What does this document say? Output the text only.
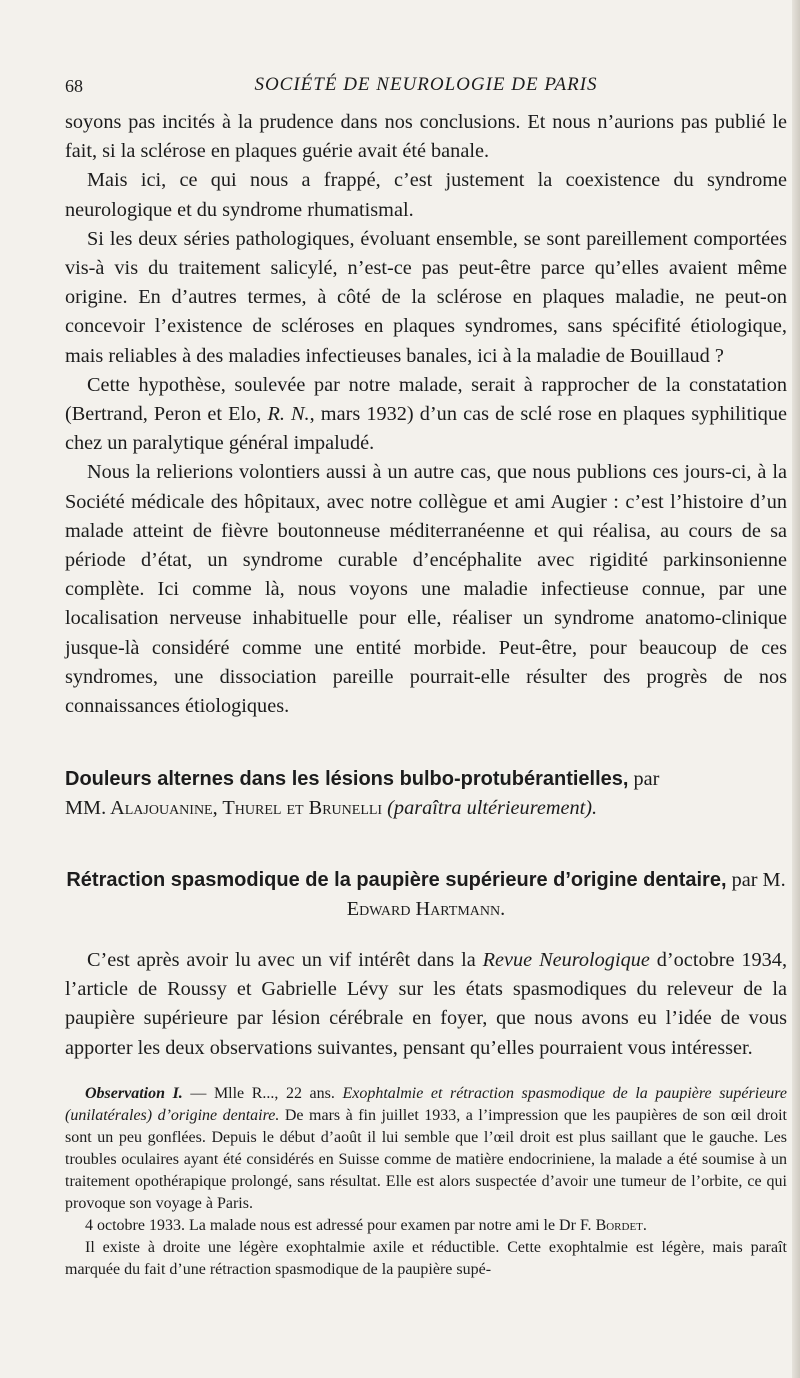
68	SOCIÉTÉ DE NEUROLOGIE DE PARIS

soyons pas incités à la prudence dans nos conclusions. Et nous n’aurions pas publié le fait, si la sclérose en plaques guérie avait été banale.

Mais ici, ce qui nous a frappé, c’est justement la coexistence du syndrome neurologique et du syndrome rhumatismal.

Si les deux séries pathologiques, évoluant ensemble, se sont pareillement comportées vis-à vis du traitement salicylé, n’est-ce pas peut-être parce qu’elles avaient même origine. En d’autres termes, à côté de la sclérose en plaques maladie, ne peut-on concevoir l’existence de scléroses en plaques syndromes, sans spécifité étiologique, mais reliables à des maladies infectieuses banales, ici à la maladie de Bouillaud ?

Cette hypothèse, soulevée par notre malade, serait à rapprocher de la constatation (Bertrand, Peron et Elo, R. N., mars 1932) d’un cas de sclé rose en plaques syphilitique chez un paralytique général impaludé.

Nous la relierions volontiers aussi à un autre cas, que nous publions ces jours-ci, à la Société médicale des hôpitaux, avec notre collègue et ami Augier : c’est l’histoire d’un malade atteint de fièvre boutonneuse méditerranéenne et qui réalisa, au cours de sa période d’état, un syndrome curable d’encéphalite avec rigidité parkinsonienne complète. Ici comme là, nous voyons une maladie infectieuse connue, par une localisation nerveuse inhabituelle pour elle, réaliser un syndrome anatomo-clinique jusque-là considéré comme une entité morbide. Peut-être, pour beaucoup de ces syndromes, une dissociation pareille pourrait-elle résulter des progrès de nos connaissances étiologiques.

Douleurs alternes dans les lésions bulbo-protubérantielles, par
MM. Alajouanine, Thurel et Brunelli (paraîtra ultérieurement).

Rétraction spasmodique de la paupière supérieure d’origine dentaire, par M. Edward Hartmann.

C’est après avoir lu avec un vif intérêt dans la Revue Neurologique d’octobre 1934, l’article de Roussy et Gabrielle Lévy sur les états spasmodiques du releveur de la paupière supérieure par lésion cérébrale en foyer, que nous avons eu l’idée de vous apporter les deux observations suivantes, pensant qu’elles pourraient vous intéresser.

Observation I. — Mlle R..., 22 ans. Exophtalmie et rétraction spasmodique de la paupière supérieure (unilatérales) d’origine dentaire. De mars à fin juillet 1933, a l’impression que les paupières de son œil droit sont un peu gonflées. Depuis le début d’août il lui semble que l’œil droit est plus saillant que le gauche. Les troubles oculaires ayant été considérés en Suisse comme de matière endocriniene, la malade a été soumise à un traitement opothérapique prolongé, sans résultat. Elle est alors suspectée d’avoir une tumeur de l’orbite, ce qui provoque son voyage à Paris.

4 octobre 1933. La malade nous est adressé pour examen par notre ami le Dr F. Bordet.

Il existe à droite une légère exophtalmie axile et réductible. Cette exophtalmie est légère, mais paraît marquée du fait d’une rétraction spasmodique de la paupière supé-
